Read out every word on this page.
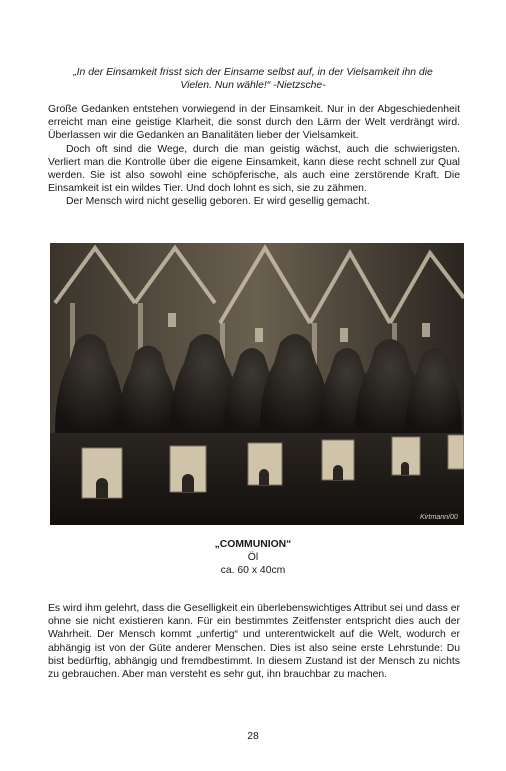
„In der Einsamkeit frisst sich der Einsame selbst auf, in der Vielsamkeit ihn die
Vielen. Nun wähle!“ -Nietzsche-

Große Gedanken entstehen vorwiegend in der Einsamkeit. Nur in der Abgeschiedenheit erreicht man eine geistige Klarheit, die sonst durch den Lärm der Welt verdrängt wird. Überlassen wir die Gedanken an Banalitäten lieber der Vielsamkeit.

Doch oft sind die Wege, durch die man geistig wächst, auch die schwierigsten. Verliert man die Kontrolle über die eigene Einsamkeit, kann diese recht schnell zur Qual werden. Sie ist also sowohl eine schöpferische, als auch eine zerstörende Kraft. Die Einsamkeit ist ein wildes Tier. Und doch lohnt es sich, sie zu zähmen.

Der Mensch wird nicht gesellig geboren. Er wird gesellig gemacht.

Kirtmann/00
„COMMUNION“
Öl
ca. 60 x 40cm

Es wird ihm gelehrt, dass die Geselligkeit ein überlebenswichtiges Attribut sei und dass er ohne sie nicht existieren kann. Für ein bestimmtes Zeitfenster entspricht dies auch der Wahrheit. Der Mensch kommt „unfertig“ und unterentwickelt auf die Welt, wodurch er abhängig ist von der Güte anderer Menschen. Dies ist also seine erste Lehrstunde: Du bist bedürftig, abhängig und fremdbestimmt. In diesem Zustand ist der Mensch zu nichts zu gebrauchen. Aber man versteht es sehr gut, ihn brauchbar zu machen.

28
